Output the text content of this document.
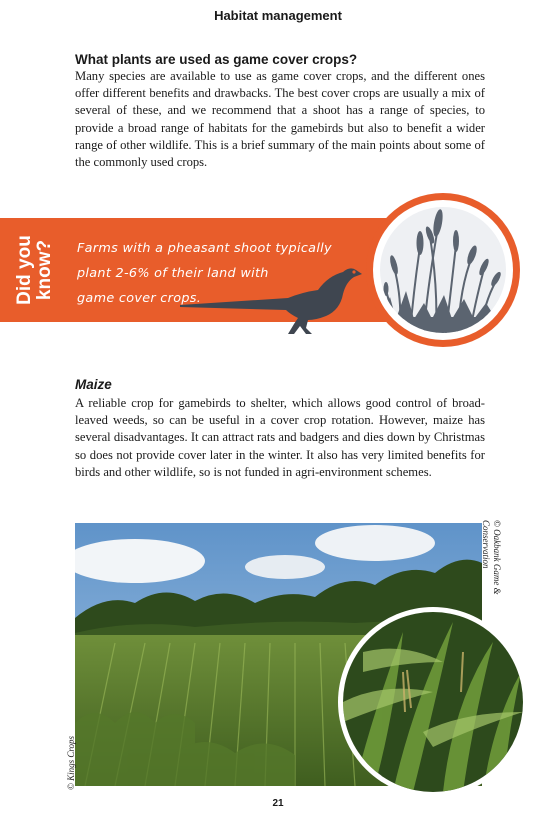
Habitat management
What plants are used as game cover crops?
Many species are available to use as game cover crops, and the different ones offer different benefits and drawbacks. The best cover crops are usually a mix of several of these, and we recommend that a shoot has a range of species, to provide a broad range of habitats for the gamebirds but also to benefit a wider range of other wildlife. This is a brief summary of the main points about some of the commonly used crops.
Did you know? Farms with a pheasant shoot typically
plant 2-6% of their land with
game cover crops.
Maize
A reliable crop for gamebirds to shelter, which allows good control of broad-leaved weeds, so can be useful in a cover crop rotation. However, maize has several disadvantages. It can attract rats and badgers and dies down by Christmas so does not provide cover later in the winter. It also has very limited benefits for birds and other wildlife, so is not funded in agri-environment schemes.
© Kings Crops
© Oakbank Game &
Conservation
21
